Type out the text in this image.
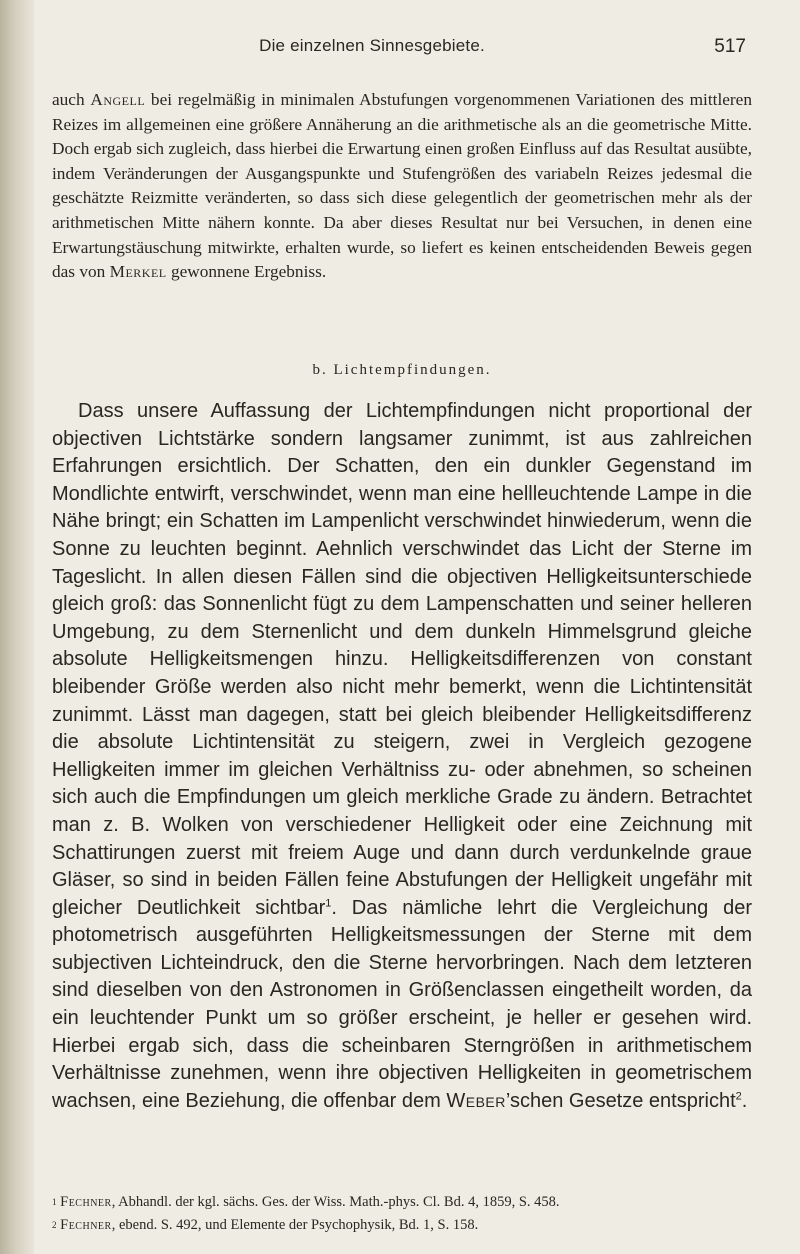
Die einzelnen Sinnesgebiete.	517
auch Angell bei regelmäßig in minimalen Abstufungen vorgenommenen Variationen des mittleren Reizes im allgemeinen eine größere Annäherung an die arithmetische als an die geometrische Mitte. Doch ergab sich zugleich, dass hierbei die Erwartung einen großen Einfluss auf das Resultat ausübte, indem Veränderungen der Ausgangspunkte und Stufengrößen des variabeln Reizes jedesmal die geschätzte Reizmitte veränderten, so dass sich diese gelegentlich der geometrischen mehr als der arithmetischen Mitte nähern konnte. Da aber dieses Resultat nur bei Versuchen, in denen eine Erwartungstäuschung mitwirkte, erhalten wurde, so liefert es keinen entscheidenden Beweis gegen das von Merkel gewonnene Ergebniss.
b. Lichtempfindungen.
Dass unsere Auffassung der Lichtempfindungen nicht proportional der objectiven Lichtstärke sondern langsamer zunimmt, ist aus zahlreichen Erfahrungen ersichtlich. Der Schatten, den ein dunkler Gegenstand im Mondlichte entwirft, verschwindet, wenn man eine hellleuchtende Lampe in die Nähe bringt; ein Schatten im Lampenlicht verschwindet hinwiederum, wenn die Sonne zu leuchten beginnt. Aehnlich verschwindet das Licht der Sterne im Tageslicht. In allen diesen Fällen sind die objectiven Helligkeitsunterschiede gleich groß: das Sonnenlicht fügt zu dem Lampenschatten und seiner helleren Umgebung, zu dem Sternenlicht und dem dunkeln Himmelsgrund gleiche absolute Helligkeitsmengen hinzu. Helligkeitsdifferenzen von constant bleibender Größe werden also nicht mehr bemerkt, wenn die Lichtintensität zunimmt. Lässt man dagegen, statt bei gleich bleibender Helligkeitsdifferenz die absolute Lichtintensität zu steigern, zwei in Vergleich gezogene Helligkeiten immer im gleichen Verhältniss zu- oder abnehmen, so scheinen sich auch die Empfindungen um gleich merkliche Grade zu ändern. Betrachtet man z. B. Wolken von verschiedener Helligkeit oder eine Zeichnung mit Schattirungen zuerst mit freiem Auge und dann durch verdunkelnde graue Gläser, so sind in beiden Fällen feine Abstufungen der Helligkeit ungefähr mit gleicher Deutlichkeit sichtbar$^1$. Das nämliche lehrt die Vergleichung der photometrisch ausgeführten Helligkeitsmessungen der Sterne mit dem subjectiven Lichteindruck, den die Sterne hervorbringen. Nach dem letzteren sind dieselben von den Astronomen in Größenclassen eingetheilt worden, da ein leuchtender Punkt um so größer erscheint, je heller er gesehen wird. Hierbei ergab sich, dass die scheinbaren Sterngrößen in arithmetischem Verhältnisse zunehmen, wenn ihre objectiven Helligkeiten in geometrischem wachsen, eine Beziehung, die offenbar dem Weber’schen Gesetze entspricht$^2$.
$^1$ Fechner, Abhandl. der kgl. sächs. Ges. der Wiss. Math.-phys. Cl. Bd. 4, 1859, S. 458.
$^2$ Fechner, ebend. S. 492, und Elemente der Psychophysik, Bd. 1, S. 158.
